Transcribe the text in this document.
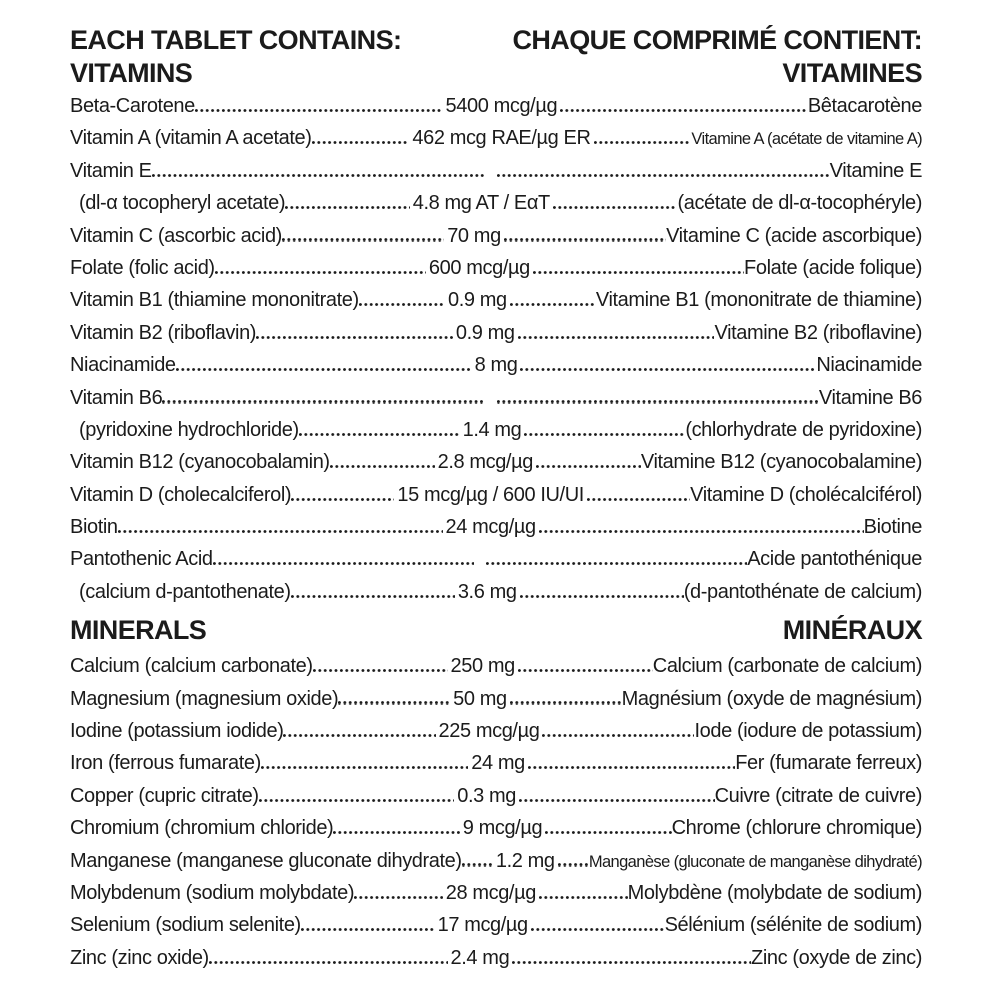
EACH TABLET CONTAINS:	CHAQUE COMPRIMÉ CONTIENT:
VITAMINS	VITAMINES
Beta-Carotene	5400 mcg/µg	Bêtacarotène
Vitamin A (vitamin A acetate)	462 mcg RAE/µg ER	Vitamine A (acétate de vitamine A)
Vitamin E	Vitamine E
(dl-α tocopheryl acetate)	4.8 mg AT / EαT	(acétate de dl-α-tocophéryle)
Vitamin C (ascorbic acid)	70 mg	Vitamine C (acide ascorbique)
Folate (folic acid)	600 mcg/µg	Folate (acide folique)
Vitamin B1 (thiamine mononitrate)	0.9 mg	Vitamine B1 (mononitrate de thiamine)
Vitamin B2 (riboflavin)	0.9 mg	Vitamine B2 (riboflavine)
Niacinamide	8 mg	Niacinamide
Vitamin B6	Vitamine B6
(pyridoxine hydrochloride)	1.4 mg	(chlorhydrate de pyridoxine)
Vitamin B12 (cyanocobalamin)	2.8 mcg/µg	Vitamine B12 (cyanocobalamine)
Vitamin D (cholecalciferol)	15 mcg/µg / 600 IU/UI	Vitamine D (cholécalciférol)
Biotin	24 mcg/µg	Biotine
Pantothenic Acid	Acide pantothénique
(calcium d-pantothenate)	3.6 mg	(d-pantothénate de calcium)
MINERALS	MINÉRAUX
Calcium (calcium carbonate)	250 mg	Calcium (carbonate de calcium)
Magnesium (magnesium oxide)	50 mg	Magnésium (oxyde de magnésium)
Iodine (potassium iodide)	225 mcg/µg	Iode (iodure de potassium)
Iron (ferrous fumarate)	24 mg	Fer (fumarate ferreux)
Copper (cupric citrate)	0.3 mg	Cuivre (citrate de cuivre)
Chromium (chromium chloride)	9 mcg/µg	Chrome (chlorure chromique)
Manganese (manganese gluconate dihydrate) 1.2 mg Manganèse (gluconate de manganèse dihydraté)
Molybdenum (sodium molybdate)	28 mcg/µg	Molybdène (molybdate de sodium)
Selenium (sodium selenite)	17 mcg/µg	Sélénium (sélénite de sodium)
Zinc (zinc oxide)	2.4 mg	Zinc (oxyde de zinc)
